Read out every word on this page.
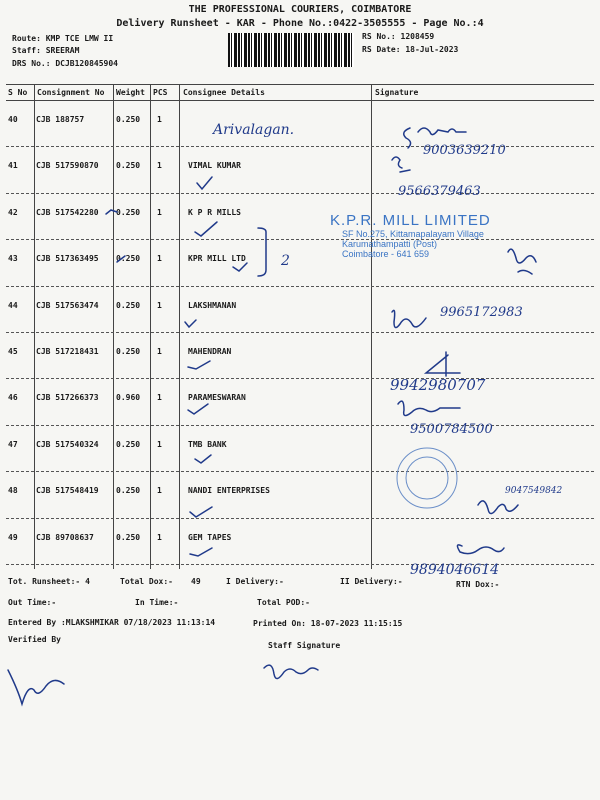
THE PROFESSIONAL COURIERS, COIMBATORE
Delivery Runsheet - KAR - Phone No.:0422-3505555 - Page No.:4
Route: KMP TCE LMW II
Staff: SREERAM
DRS No.: DCJB120845904
RS No.: 1208459
RS Date: 18-Jul-2023
S No Consignment No Weight PCS Consignee Details	Signature
40 CJB 188757	0.250 1
41 CJB 517590870 0.250 1	VIMAL KUMAR
42 CJB 517542280 0.250 1	K P R MILLS
43 CJB 517363495 0.250 1	KPR MILL LTD
44 CJB 517563474 0.250 1	LAKSHMANAN
45 CJB 517218431 0.250 1	MAHENDRAN
46 CJB 517266373 0.960 1	PARAMESWARAN
47 CJB 517540324 0.250 1	TMB BANK
48 CJB 517548419 0.250 1	NANDI ENTERPRISES
49 CJB 89708637	0.250 1	GEM TAPES
Arivalagan.
9003639210
9566379463
2
9965172983
9942980707
9500784500
9047549842
9894046614
K.P.R. MILL LIMITED
SF No.275, Kittamapalayam Village
Karumathampatti (Post)
Coimbatore - 641 659
Tot. Runsheet:- 4	Total Dox:- 49	I Delivery:-	II Delivery:-	RTN Dox:-
Out Time:-	In Time:-	Total POD:-
Entered By :MLAKSHMIKAR 07/18/2023 11:13:14	Printed On: 18-07-2023 11:15:15
Verified By
Staff Signature
